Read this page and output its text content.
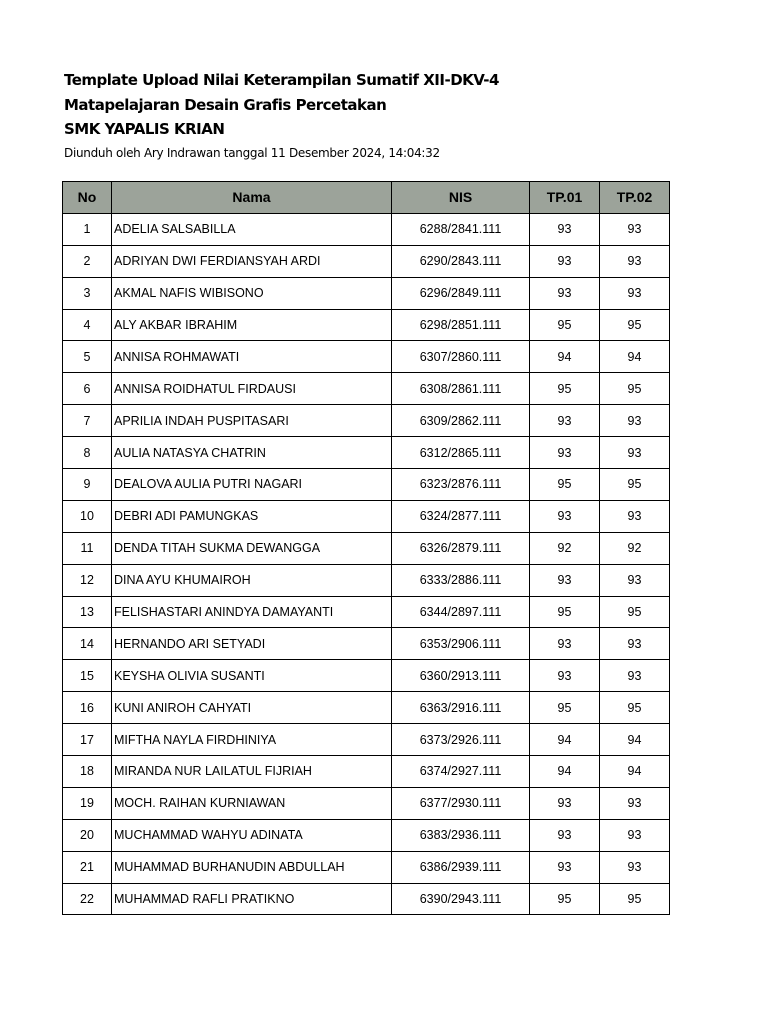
Template Upload Nilai Keterampilan Sumatif XII-DKV-4
Matapelajaran Desain Grafis Percetakan
SMK YAPALIS KRIAN
Diunduh oleh Ary Indrawan tanggal 11 Desember 2024, 14:04:32
No	Nama	NIS	TP.01	TP.02
1	ADELIA SALSABILLA	6288/2841.111	93	93
2	ADRIYAN DWI FERDIANSYAH ARDI	6290/2843.111	93	93
3	AKMAL NAFIS WIBISONO	6296/2849.111	93	93
4	ALY AKBAR IBRAHIM	6298/2851.111	95	95
5	ANNISA ROHMAWATI	6307/2860.111	94	94
6	ANNISA ROIDHATUL FIRDAUSI	6308/2861.111	95	95
7	APRILIA INDAH PUSPITASARI	6309/2862.111	93	93
8	AULIA NATASYA CHATRIN	6312/2865.111	93	93
9	DEALOVA AULIA PUTRI NAGARI	6323/2876.111	95	95
10	DEBRI ADI PAMUNGKAS	6324/2877.111	93	93
11	DENDA TITAH SUKMA DEWANGGA	6326/2879.111	92	92
12	DINA AYU KHUMAIROH	6333/2886.111	93	93
13	FELISHASTARI ANINDYA DAMAYANTI	6344/2897.111	95	95
14	HERNANDO ARI SETYADI	6353/2906.111	93	93
15	KEYSHA OLIVIA SUSANTI	6360/2913.111	93	93
16	KUNI ANIROH CAHYATI	6363/2916.111	95	95
17	MIFTHA NAYLA FIRDHINIYA	6373/2926.111	94	94
18	MIRANDA NUR LAILATUL FIJRIAH	6374/2927.111	94	94
19	MOCH. RAIHAN KURNIAWAN	6377/2930.111	93	93
20	MUCHAMMAD WAHYU ADINATA	6383/2936.111	93	93
21	MUHAMMAD BURHANUDIN ABDULLAH	6386/2939.111	93	93
22	MUHAMMAD RAFLI PRATIKNO	6390/2943.111	95	95
